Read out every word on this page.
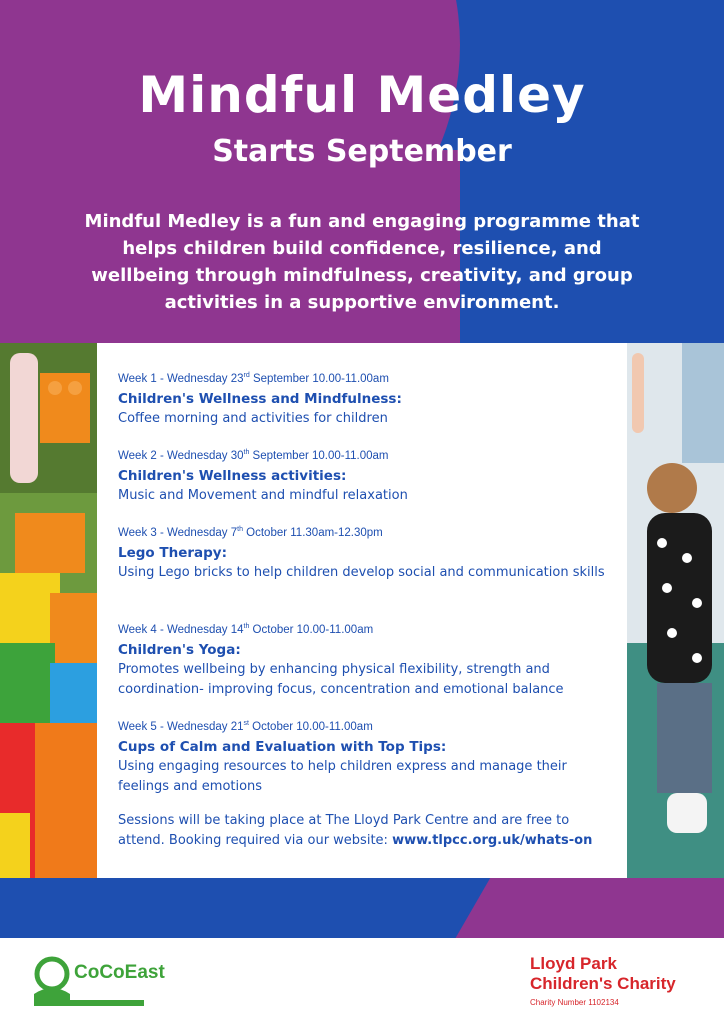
Mindful Medley
Starts September
Mindful Medley is a fun and engaging programme that helps children build confidence, resilience, and wellbeing through mindfulness, creativity, and group activities in a supportive environment.
Week 1 - Wednesday 23rd September 10.00-11.00am
Children's Wellness and Mindfulness:
Coffee morning and activities for children
Week 2 - Wednesday 30th September 10.00-11.00am
Children's Wellness activities:
Music and Movement and mindful relaxation
Week 3 - Wednesday 7th October 11.30am-12.30pm
Lego Therapy:
Using Lego bricks to help children develop social and communication skills
Week 4 - Wednesday 14th October 10.00-11.00am
Children's Yoga:
Promotes wellbeing by enhancing physical flexibility, strength and coordination- improving focus, concentration and emotional balance
Week 5 - Wednesday 21st October 10.00-11.00am
Cups of Calm and Evaluation with Top Tips:
Using engaging resources to help children express and manage their feelings and emotions
Sessions will be taking place at The Lloyd Park Centre and are free to attend. Booking required via our website: www.tlpcc.org.uk/whats-on
CoCoEast	Lloyd Park
Children's Charity
Charity Number 1102134
